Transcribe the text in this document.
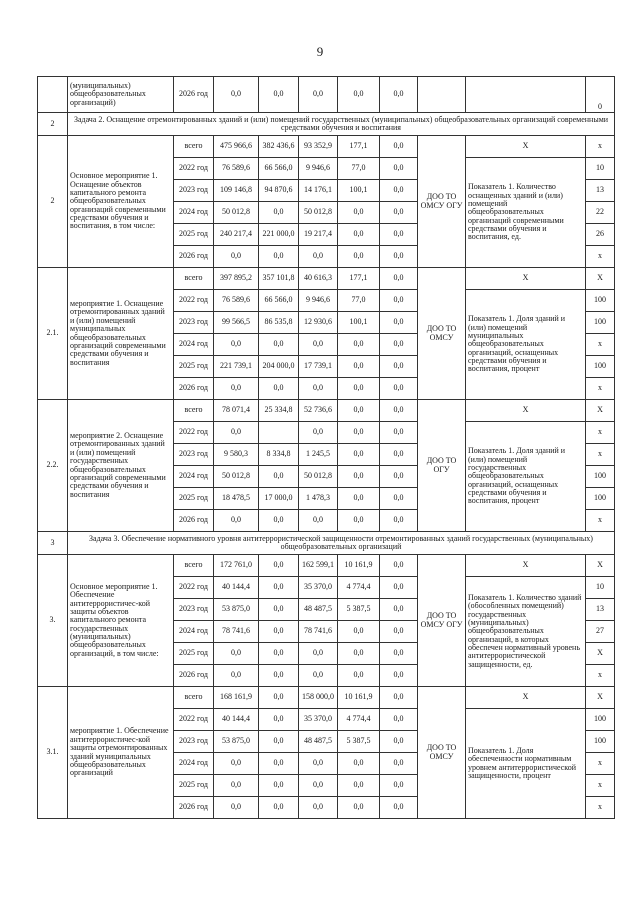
9
	(муниципальных) общеобразовательных организаций)	2026 год	0,0	0,0	0,0	0,0	0,0			0
2	Задача 2. Оснащение отремонтированных зданий и (или) помещений государственных (муниципальных) общеобразовательных организаций современными средствами обучения и воспитания									
2	Основное мероприятие 1. Оснащение объектов капитального ремонта общеобразовательных организаций современными средствами обучения и воспитания, в том числе:	всего	475 966,6	382 436,6	93 352,9	177,1	0,0	ДОО ТО ОМСУ ОГУ	X	x
		2022 год	76 589,6	66 566,0	9 946,6	77,0	0,0		Показатель 1. Количество оснащенных зданий и (или) помещений общеобразовательных организаций современными средствами обучения и воспитания, ед.	10
		2023 год	109 146,8	94 870,6	14 176,1	100,1	0,0			13
		2024 год	50 012,8	0,0	50 012,8	0,0	0,0			22
		2025 год	240 217,4	221 000,0	19 217,4	0,0	0,0			26
		2026 год	0,0	0,0	0,0	0,0	0,0			x
2.1.	мероприятие 1. Оснащение отремонтированных зданий и (или) помещений муниципальных общеобразовательных организаций современными средствами обучения и воспитания	всего	397 895,2	357 101,8	40 616,3	177,1	0,0	ДОО ТО ОМСУ	X	X
		2022 год	76 589,6	66 566,0	9 946,6	77,0	0,0		Показатель 1. Доля зданий и (или) помещений муниципальных общеобразовательных организаций, оснащенных средствами обучения и воспитания, процент	100
		2023 год	99 566,5	86 535,8	12 930,6	100,1	0,0			100
		2024 год	0,0	0,0	0,0	0,0	0,0			x
		2025 год	221 739,1	204 000,0	17 739,1	0,0	0,0			100
		2026 год	0,0	0,0	0,0	0,0	0,0			x
2.2.	мероприятие 2. Оснащение отремонтированных зданий и (или) помещений государственных общеобразовательных организаций современными средствами обучения и воспитания	всего	78 071,4	25 334,8	52 736,6	0,0	0,0	ДОО ТО ОГУ	X	X
		2022 год	0,0		0,0	0,0	0,0		Показатель 1. Доля зданий и (или) помещений государственных общеобразовательных организаций, оснащенных средствами обучения и воспитания, процент	x
		2023 год	9 580,3	8 334,8	1 245,5	0,0	0,0			x
		2024 год	50 012,8	0,0	50 012,8	0,0	0,0			100
		2025 год	18 478,5	17 000,0	1 478,3	0,0	0,0			100
		2026 год	0,0	0,0	0,0	0,0	0,0			x
3	Задача 3. Обеспечение нормативного уровня антитеррористической защищенности отремонтированных зданий государственных (муниципальных) общеобразовательных организаций									
3.	Основное мероприятие 1. Обеспечение антитеррористичес-кой защиты объектов капитального ремонта государственных (муниципальных) общеобразовательных организаций, в том числе:	всего	172 761,0	0,0	162 599,1	10 161,9	0,0	ДОО ТО ОМСУ ОГУ	X	X
		2022 год	40 144,4	0,0	35 370,0	4 774,4	0,0		Показатель 1. Количество зданий (обособленных помещений) государственных (муниципальных) общеобразовательных организаций, в которых обеспечен нормативный уровень антитеррористической защищенности, ед.	10
		2023 год	53 875,0	0,0	48 487,5	5 387,5	0,0			13
		2024 год	78 741,6	0,0	78 741,6	0,0	0,0			27
		2025 год	0,0	0,0	0,0	0,0	0,0			X
		2026 год	0,0	0,0	0,0	0,0	0,0			x
3.1.	мероприятие 1. Обеспечение антитеррористичес-кой защиты отремонтированных зданий муниципальных общеобразовательных организаций	всего	168 161,9	0,0	158 000,0	10 161,9	0,0	ДОО ТО ОМСУ	X	X
		2022 год	40 144,4	0,0	35 370,0	4 774,4	0,0		Показатель 1. Доля обеспеченности нормативным уровнем антитеррористической защищенности, процент	100
		2023 год	53 875,0	0,0	48 487,5	5 387,5	0,0			100
		2024 год	0,0	0,0	0,0	0,0	0,0			x
		2025 год	0,0	0,0	0,0	0,0	0,0			x
		2026 год	0,0	0,0	0,0	0,0	0,0			x
